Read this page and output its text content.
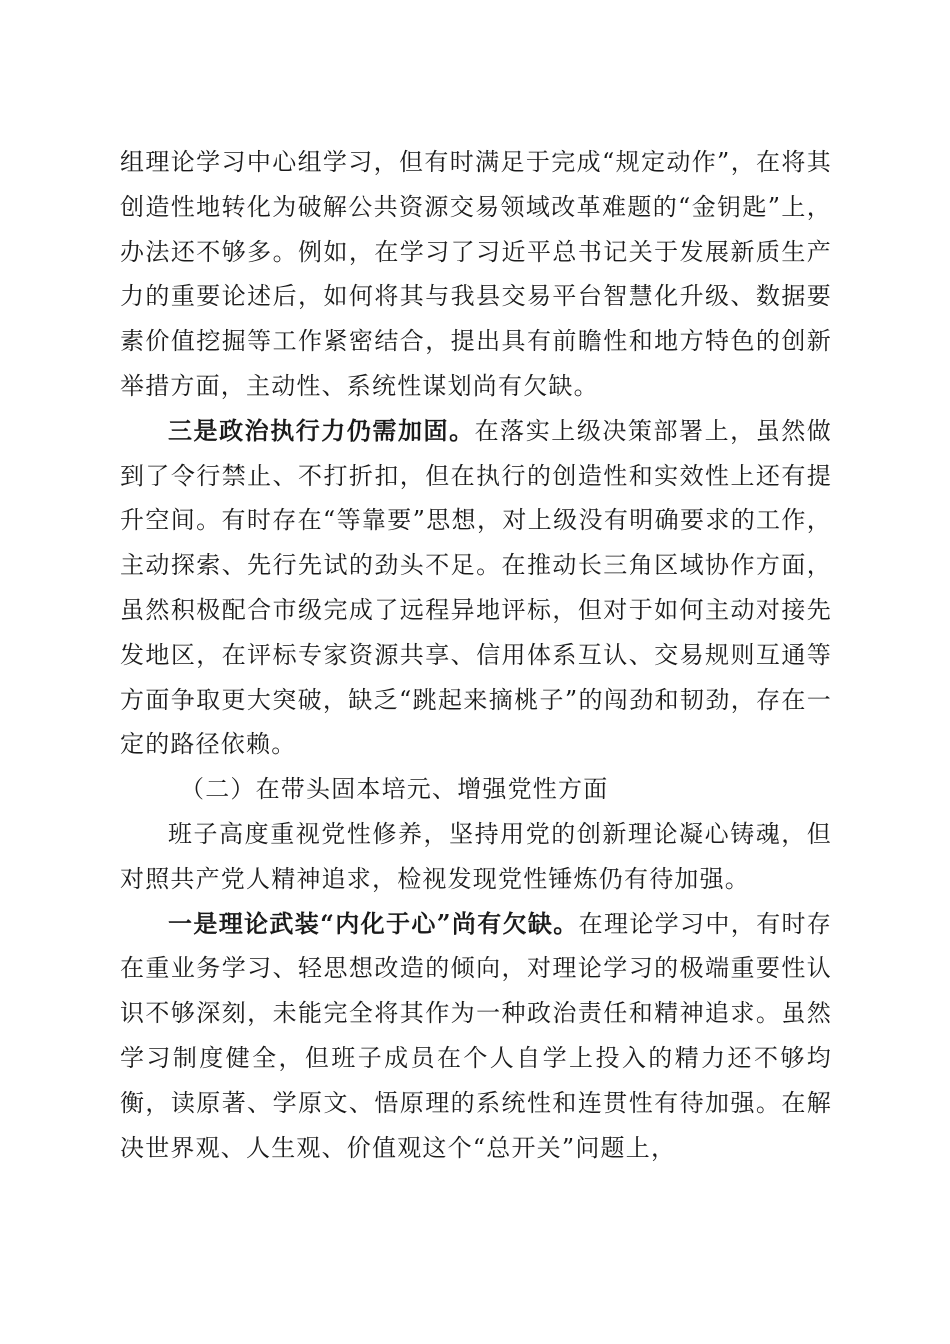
组理论学习中心组学习，但有时满足于完成“规定动作”，在将其创造性地转化为破解公共资源交易领域改革难题的“金钥匙”上，办法还不够多。例如，在学习了习近平总书记关于发展新质生产力的重要论述后，如何将其与我县交易平台智慧化升级、数据要素价值挖掘等工作紧密结合，提出具有前瞻性和地方特色的创新举措方面，主动性、系统性谋划尚有欠缺。

三是政治执行力仍需加固。在落实上级决策部署上，虽然做到了令行禁止、不打折扣，但在执行的创造性和实效性上还有提升空间。有时存在“等靠要”思想，对上级没有明确要求的工作，主动探索、先行先试的劲头不足。在推动长三角区域协作方面，虽然积极配合市级完成了远程异地评标，但对于如何主动对接先发地区，在评标专家资源共享、信用体系互认、交易规则互通等方面争取更大突破，缺乏“跳起来摘桃子”的闯劲和韧劲，存在一定的路径依赖。

（二）在带头固本培元、增强党性方面

班子高度重视党性修养，坚持用党的创新理论凝心铸魂，但对照共产党人精神追求，检视发现党性锤炼仍有待加强。

一是理论武装“内化于心”尚有欠缺。在理论学习中，有时存在重业务学习、轻思想改造的倾向，对理论学习的极端重要性认识不够深刻，未能完全将其作为一种政治责任和精神追求。虽然学习制度健全，但班子成员在个人自学上投入的精力还不够均衡，读原著、学原文、悟原理的系统性和连贯性有待加强。在解决世界观、人生观、价值观这个“总开关”问题上，
